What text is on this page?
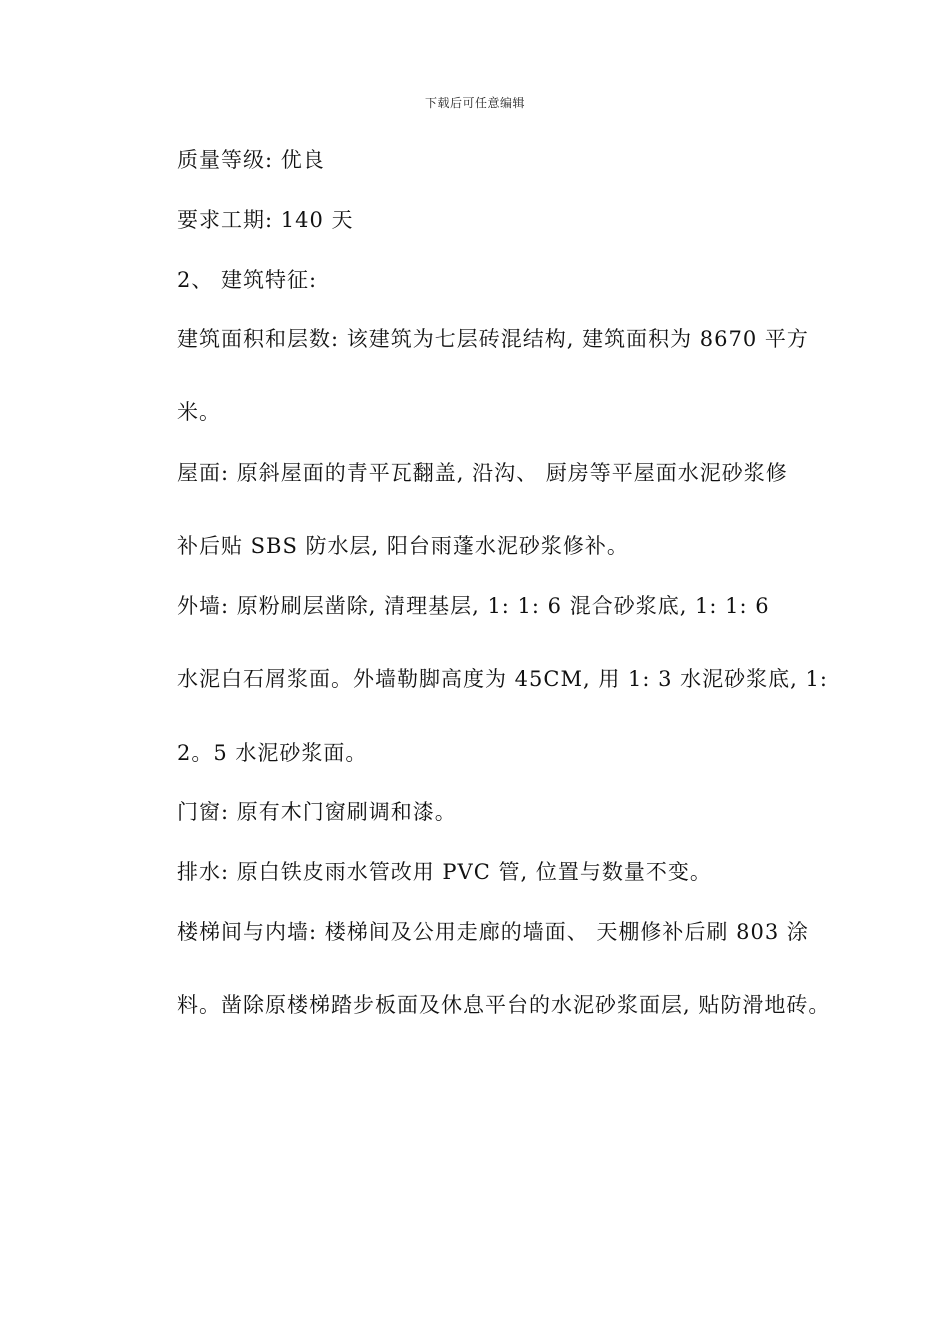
下载后可任意编辑
质量等级: 优良
要求工期: 140 天
2、 建筑特征:
建筑面积和层数: 该建筑为七层砖混结构, 建筑面积为 8670 平方
米。
屋面: 原斜屋面的青平瓦翻盖, 沿沟、 厨房等平屋面水泥砂浆修
补后贴 SBS 防水层, 阳台雨蓬水泥砂浆修补。
外墙: 原粉刷层凿除, 清理基层, 1: 1: 6 混合砂浆底, 1: 1: 6
水泥白石屑浆面。外墙勒脚高度为 45CM, 用 1: 3 水泥砂浆底, 1:
2。5 水泥砂浆面。
门窗: 原有木门窗刷调和漆。
排水: 原白铁皮雨水管改用 PVC 管, 位置与数量不变。
楼梯间与内墙: 楼梯间及公用走廊的墙面、 天棚修补后刷 803 涂
料。凿除原楼梯踏步板面及休息平台的水泥砂浆面层, 贴防滑地砖。
